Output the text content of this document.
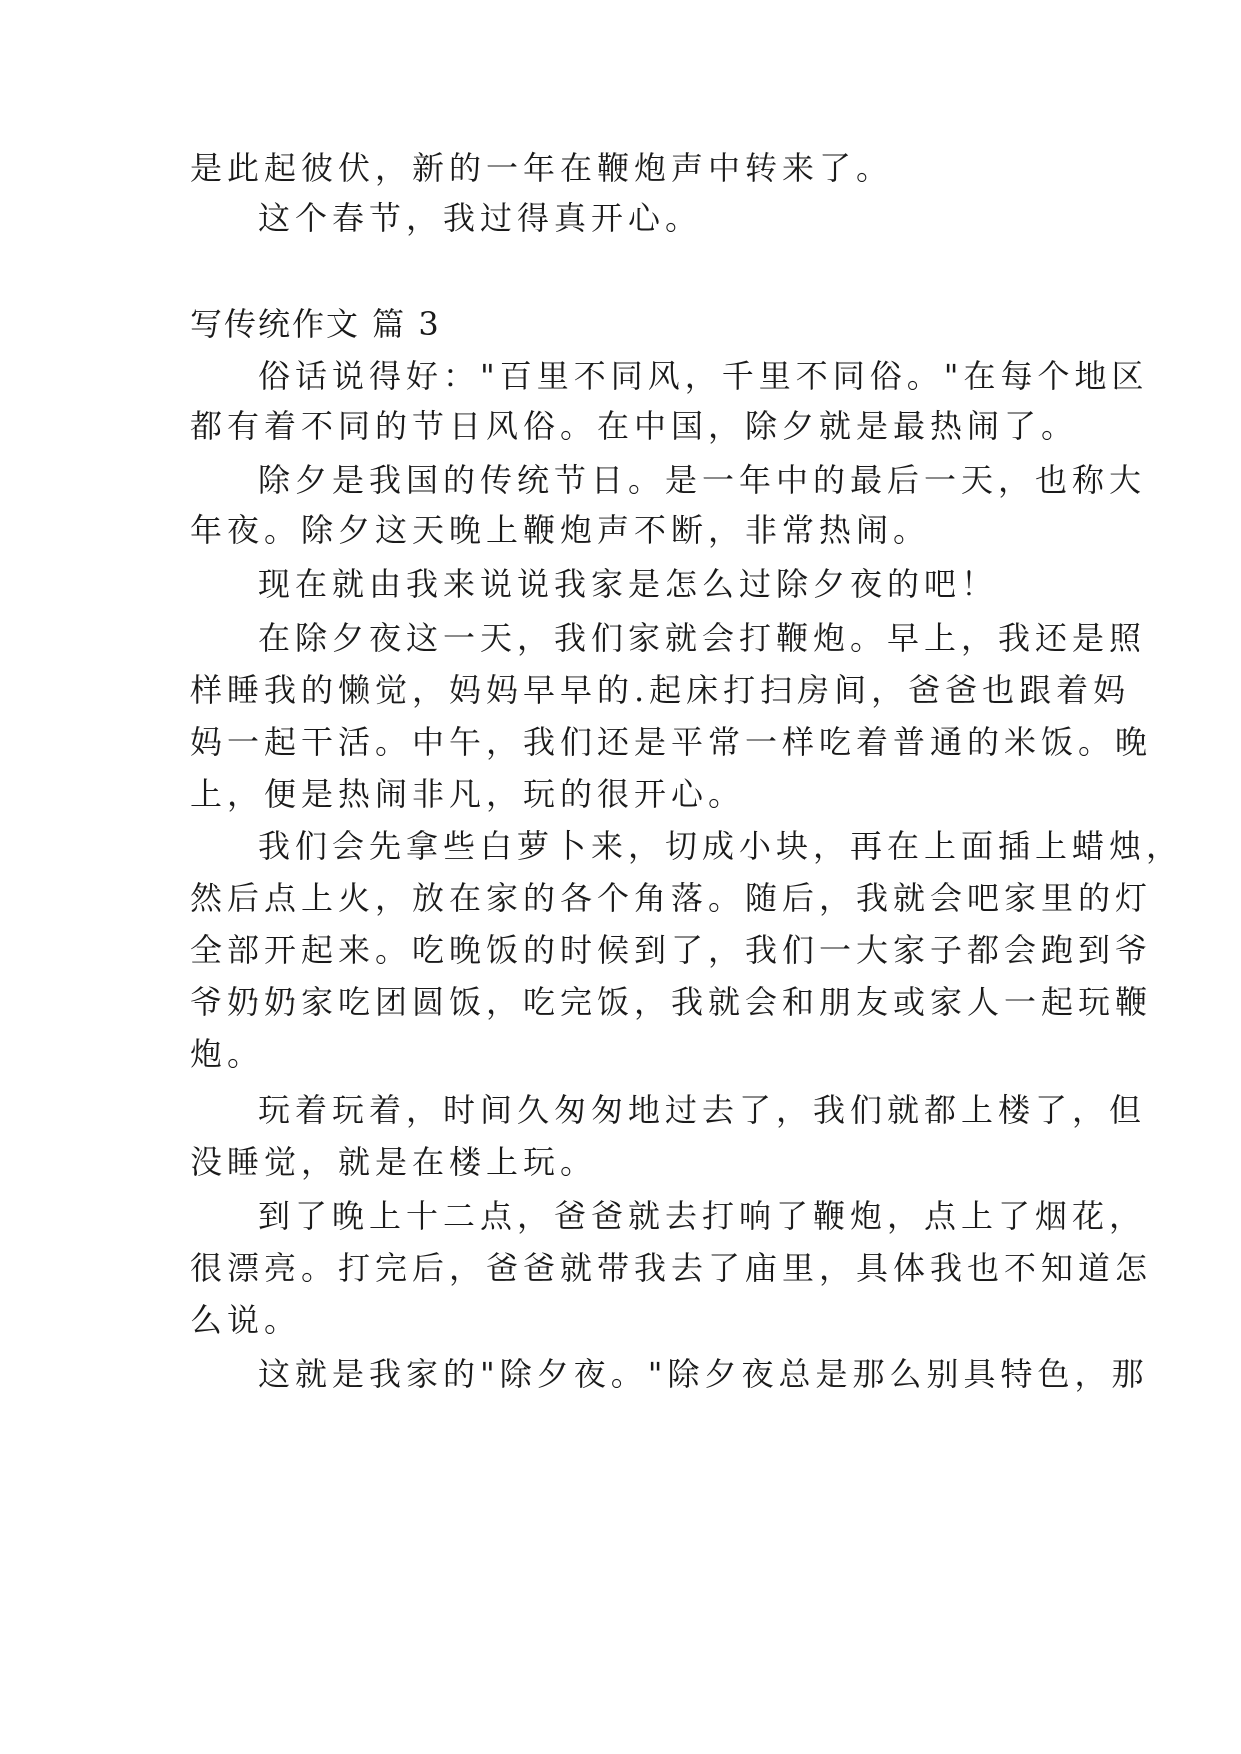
是此起彼伏，新的一年在鞭炮声中转来了。
这个春节，我过得真开心。
写传统作文 篇 3
俗话说得好："百里不同风，千里不同俗。"在每个地区
都有着不同的节日风俗。在中国，除夕就是最热闹了。
除夕是我国的传统节日。是一年中的最后一天，也称大
年夜。除夕这天晚上鞭炮声不断，非常热闹。
现在就由我来说说我家是怎么过除夕夜的吧！
在除夕夜这一天，我们家就会打鞭炮。早上，我还是照
样睡我的懒觉，妈妈早早的.起床打扫房间，爸爸也跟着妈
妈一起干活。中午，我们还是平常一样吃着普通的米饭。晚
上，便是热闹非凡，玩的很开心。
我们会先拿些白萝卜来，切成小块，再在上面插上蜡烛，
然后点上火，放在家的各个角落。随后，我就会吧家里的灯
全部开起来。吃晚饭的时候到了，我们一大家子都会跑到爷
爷奶奶家吃团圆饭，吃完饭，我就会和朋友或家人一起玩鞭
炮。
玩着玩着，时间久匆匆地过去了，我们就都上楼了，但
没睡觉，就是在楼上玩。
到了晚上十二点，爸爸就去打响了鞭炮，点上了烟花，
很漂亮。打完后，爸爸就带我去了庙里，具体我也不知道怎
么说。
这就是我家的"除夕夜。"除夕夜总是那么别具特色，那
